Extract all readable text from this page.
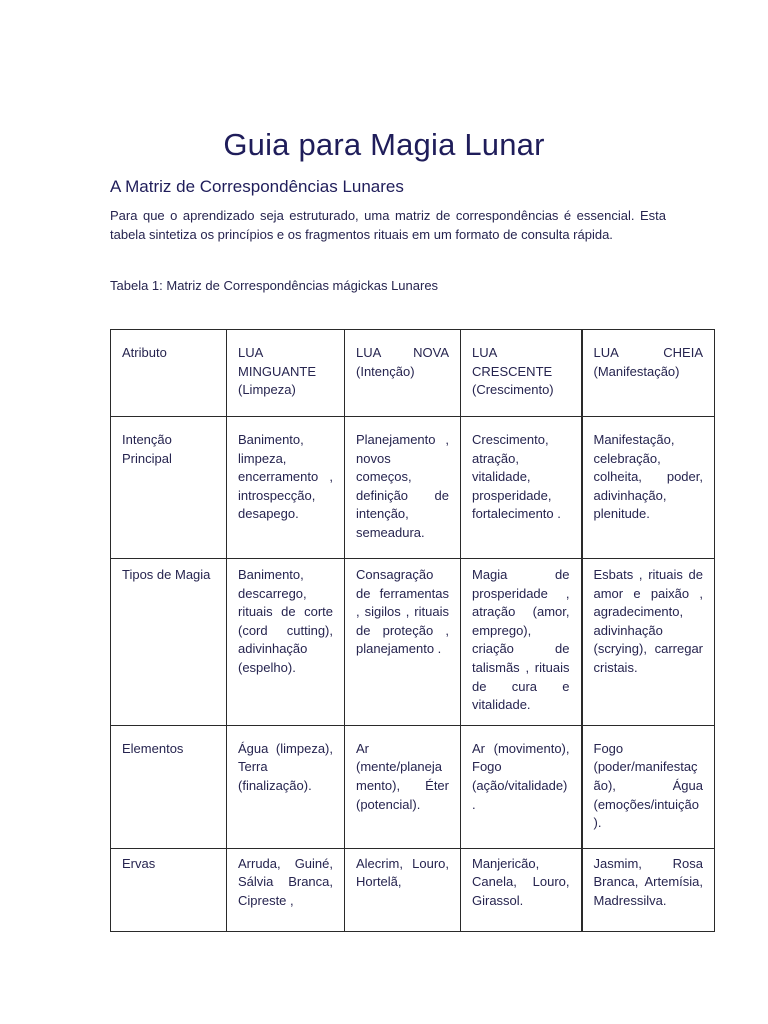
Guia para Magia Lunar
A Matriz de Correspondências Lunares
Para que o aprendizado seja estruturado, uma matriz de correspondências é essencial. Esta tabela sintetiza os princípios e os fragmentos rituais em um formato de consulta rápida.
Tabela 1: Matriz de Correspondências mágickas Lunares
Atributo	LUA MINGUANTE (Limpeza)	LUA NOVA (Intenção)	LUA CRESCENTE (Crescimento)	LUA CHEIA (Manifestação)
Intenção Principal	Banimento, limpeza, encerramento , introspecção, desapego.	Planejamento , novos começos, definição de intenção, semeadura.	Crescimento, atração, vitalidade, prosperidade, fortalecimento .	Manifestação, celebração, colheita, poder, adivinhação, plenitude.
Tipos de Magia	Banimento, descarrego, rituais de corte (cord cutting), adivinhação (espelho).	Consagração de ferramentas , sigilos , rituais de proteção , planejamento .	Magia de prosperidade , atração (amor, emprego), criação de talismãs , rituais de cura e vitalidade.	Esbats , rituais de amor e paixão , agradecimento, adivinhação (scrying), carregar cristais.
Elementos	Água (limpeza), Terra (finalização).	Ar (mente/planejamento), Éter (potencial).	Ar (movimento), Fogo (ação/vitalidade).	Fogo (poder/manifestação), Água (emoções/intuição).
Ervas	Arruda, Guiné, Sálvia Branca, Cipreste ,	Alecrim, Louro, Hortelã,	Manjericão, Canela, Louro, Girassol.	Jasmim, Rosa Branca, Artemísia, Madressilva.
